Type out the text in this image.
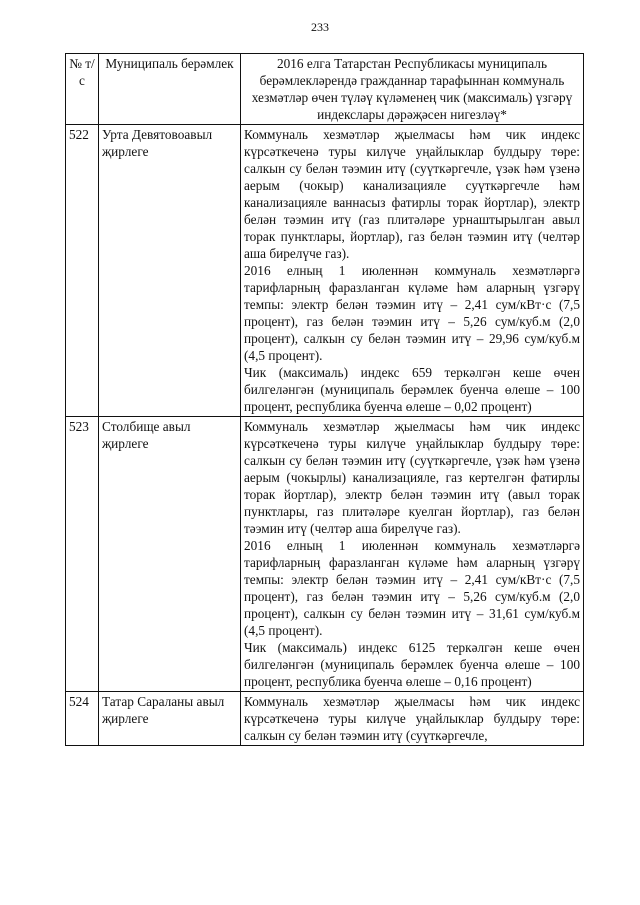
233
№ т/с	Муниципаль берәмлек	2016 елга Татарстан Республикасы муниципаль берәмлекләрендә гражданнар тарафыннан коммуналь хезмәтләр өчен түләү күләменең чик (максималь) үзгәрү индекслары дәрәҗәсен нигезләү*
522	Урта Девятовоавыл җирлеге	Коммуналь хезмәтләр җыелмасы һәм чик индекс күрсәткеченә туры килүче уңайлыклар булдыру төре: салкын су белән тәэмин итү (суүткәргечле, үзәк һәм үзенә аерым (чокыр) канализацияле суүткәргечле һәм канализацияле ваннасыз фатирлы торак йортлар), электр белән тәэмин итү (газ плитәләре урнаштырылган авыл торак пунктлары, йортлар), газ белән тәэмин итү (челтәр аша бирелүче газ).

2016 елның 1 июленнән коммуналь хезмәтләргә тарифларның фаразланган күләме һәм аларның үзгәрү темпы: электр белән тәэмин итү – 2,41 сум/кВт·с (7,5 процент), газ белән тәэмин итү – 5,26 сум/куб.м (2,0 процент), салкын су белән тәэмин итү – 29,96 сум/куб.м (4,5 процент).

Чик (максималь) индекс 659 теркәлгән кеше өчен билгеләнгән (муниципаль берәмлек буенча өлеше – 100 процент, республика буенча өлеше – 0,02 процент)

523	Столбище авыл җирлеге	Коммуналь хезмәтләр җыелмасы һәм чик индекс күрсәткеченә туры килүче уңайлыклар булдыру төре: салкын су белән тәэмин итү (суүткәргечле, үзәк һәм үзенә аерым (чокырлы) канализацияле, газ кертелгән фатирлы торак йортлар), электр белән тәэмин итү (авыл торак пунктлары, газ плитәләре куелган йортлар), газ белән тәэмин итү (челтәр аша бирелүче газ).

2016 елның 1 июленнән коммуналь хезмәтләргә тарифларның фаразланган күләме һәм аларның үзгәрү темпы: электр белән тәэмин итү – 2,41 сум/кВт·с (7,5 процент), газ белән тәэмин итү – 5,26 сум/куб.м (2,0 процент), салкын су белән тәэмин итү – 31,61 сум/куб.м (4,5 процент).

Чик (максималь) индекс 6125 теркәлгән кеше өчен билгеләнгән (муниципаль берәмлек буенча өлеше – 100 процент, республика буенча өлеше – 0,16 процент)

524	Татар Сараланы авыл җирлеге	Коммуналь хезмәтләр җыелмасы һәм чик индекс күрсәткеченә туры килүче уңайлыклар булдыру төре: салкын су белән тәэмин итү (суүткәргечле,
